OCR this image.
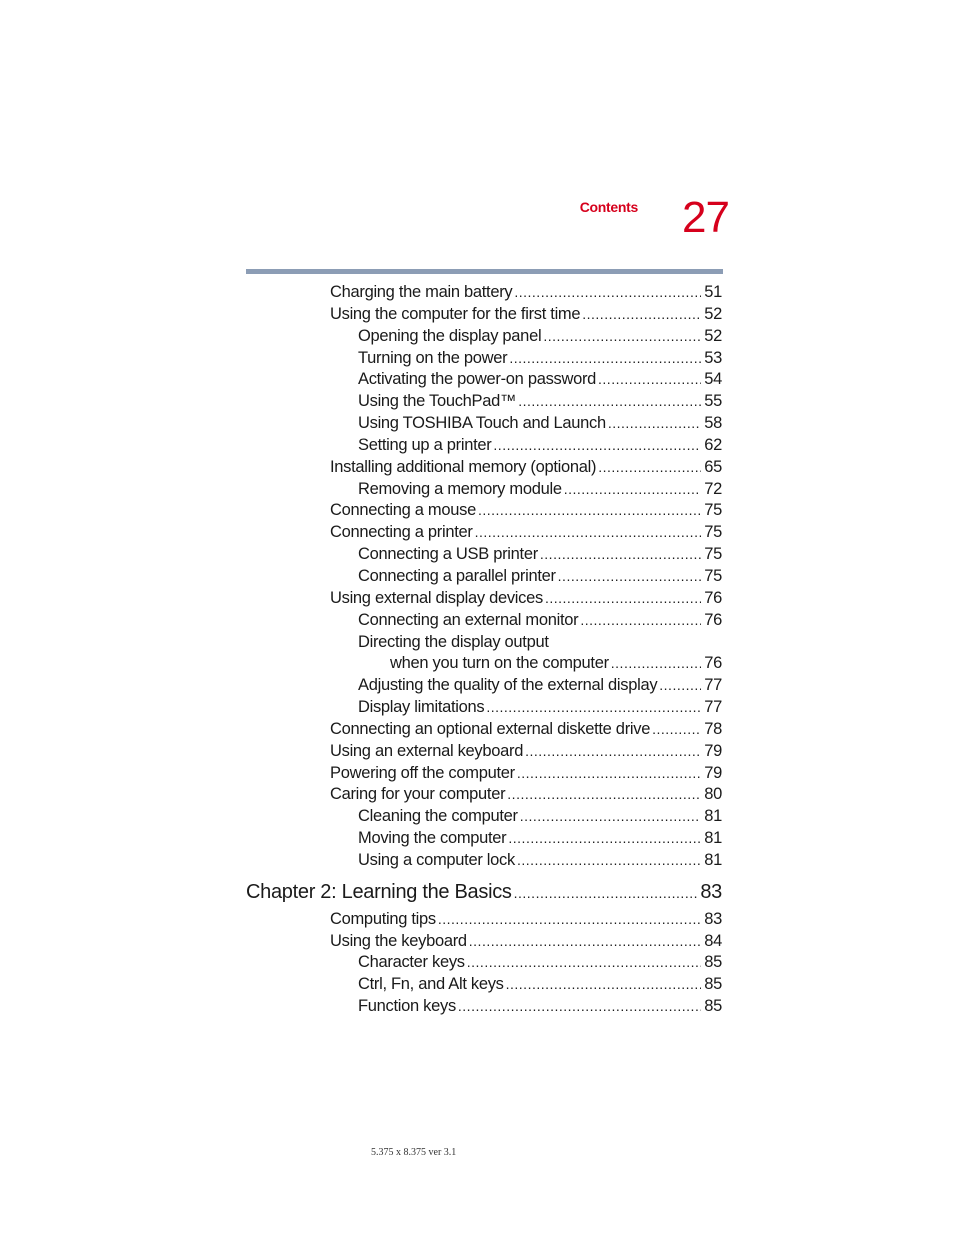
Contents 27
Charging the main battery .....	51
Using the computer for the first time .....	52
Opening the display panel .....	52
Turning on the power .....	53
Activating the power-on password .....	54
Using the TouchPad™ .....	55
Using TOSHIBA Touch and Launch .....	58
Setting up a printer .....	62
Installing additional memory (optional) .....	65
Removing a memory module .....	72
Connecting a mouse .....	75
Connecting a printer .....	75
Connecting a USB printer .....	75
Connecting a parallel printer .....	75
Using external display devices .....	76
Connecting an external monitor .....	76
Directing the display output
when you turn on the computer .....	76
Adjusting the quality of the external display .....	77
Display limitations .....	77
Connecting an optional external diskette drive .....	78
Using an external keyboard .....	79
Powering off the computer .....	79
Caring for your computer .....	80
Cleaning the computer .....	81
Moving the computer .....	81
Using a computer lock .....	81
Chapter 2: Learning the Basics .....	83
Computing tips .....	83
Using the keyboard .....	84
Character keys .....	85
Ctrl, Fn, and Alt keys .....	85
Function keys .....	85
5.375 x 8.375 ver 3.1
